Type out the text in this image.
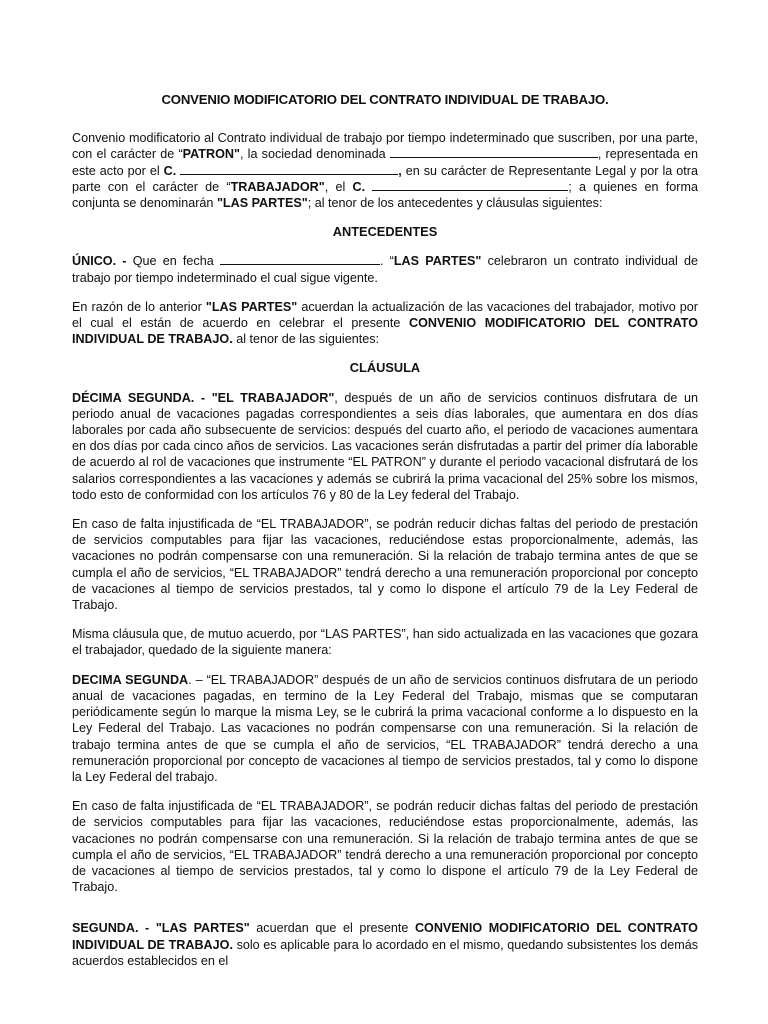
CONVENIO MODIFICATORIO DEL CONTRATO INDIVIDUAL DE TRABAJO.

Convenio modificatorio al Contrato individual de trabajo por tiempo indeterminado que suscriben, por una parte, con el carácter de “PATRON", la sociedad denominada	, representada en este acto por el C.	, en su carácter de Representante Legal y por la otra parte con el carácter de “TRABAJADOR", el C.	; a quienes en forma conjunta se denominarán "LAS PARTES"; al tenor de los antecedentes y cláusulas siguientes:

ANTECEDENTES

ÚNICO. - Que en fecha	. “LAS PARTES" celebraron un contrato individual de trabajo por tiempo indeterminado el cual sigue vigente.

En razón de lo anterior "LAS PARTES" acuerdan la actualización de las vacaciones del trabajador, motivo por el cual el están de acuerdo en celebrar el presente CONVENIO MODIFICATORIO DEL CONTRATO INDIVIDUAL DE TRABAJO. al tenor de las siguientes:

CLÁUSULA

DÉCIMA SEGUNDA. - "EL TRABAJADOR", después de un año de servicios continuos disfrutara de un periodo anual de vacaciones pagadas correspondientes a seis días laborales, que aumentara en dos días laborales por cada año subsecuente de servicios: después del cuarto año, el periodo de vacaciones aumentara en dos días por cada cinco años de servicios. Las vacaciones serán disfrutadas a partir del primer día laborable de acuerdo al rol de vacaciones que instrumente “EL PATRON” y durante el periodo vacacional disfrutará de los salarios correspondientes a las vacaciones y además se cubrirá la prima vacacional del 25% sobre los mismos, todo esto de conformidad con los artículos 76 y 80 de la Ley federal del Trabajo.

En caso de falta injustificada de “EL TRABAJADOR”, se podrán reducir dichas faltas del periodo de prestación de servicios computables para fijar las vacaciones, reduciéndose estas proporcionalmente, además, las vacaciones no podrán compensarse con una remuneración. Si la relación de trabajo termina antes de que se cumpla el año de servicios, “EL TRABAJADOR” tendrá derecho a una remuneración proporcional por concepto de vacaciones al tiempo de servicios prestados, tal y como lo dispone el artículo 79 de la Ley Federal de Trabajo.

Misma cláusula que, de mutuo acuerdo, por “LAS PARTES”, han sido actualizada en las vacaciones que gozara el trabajador, quedado de la siguiente manera:

DECIMA SEGUNDA. – “EL TRABAJADOR” después de un año de servicios continuos disfrutara de un periodo anual de vacaciones pagadas, en termino de la Ley Federal del Trabajo, mismas que se computaran periódicamente según lo marque la misma Ley, se le cubrirá la prima vacacional conforme a lo dispuesto en la Ley Federal del Trabajo. Las vacaciones no podrán compensarse con una remuneración. Si la relación de trabajo termina antes de que se cumpla el año de servicios, “EL TRABAJADOR” tendrá derecho a una remuneración proporcional por concepto de vacaciones al tiempo de servicios prestados, tal y como lo dispone la Ley Federal del trabajo.

En caso de falta injustificada de “EL TRABAJADOR”, se podrán reducir dichas faltas del periodo de prestación de servicios computables para fijar las vacaciones, reduciéndose estas proporcionalmente, además, las vacaciones no podrán compensarse con una remuneración. Si la relación de trabajo termina antes de que se cumpla el año de servicios, “EL TRABAJADOR” tendrá derecho a una remuneración proporcional por concepto de vacaciones al tiempo de servicios prestados, tal y como lo dispone el artículo 79 de la Ley Federal de Trabajo.

SEGUNDA. - "LAS PARTES" acuerdan que el presente CONVENIO MODIFICATORIO DEL CONTRATO INDIVIDUAL DE TRABAJO. solo es aplicable para lo acordado en el mismo, quedando subsistentes los demás acuerdos establecidos en el
